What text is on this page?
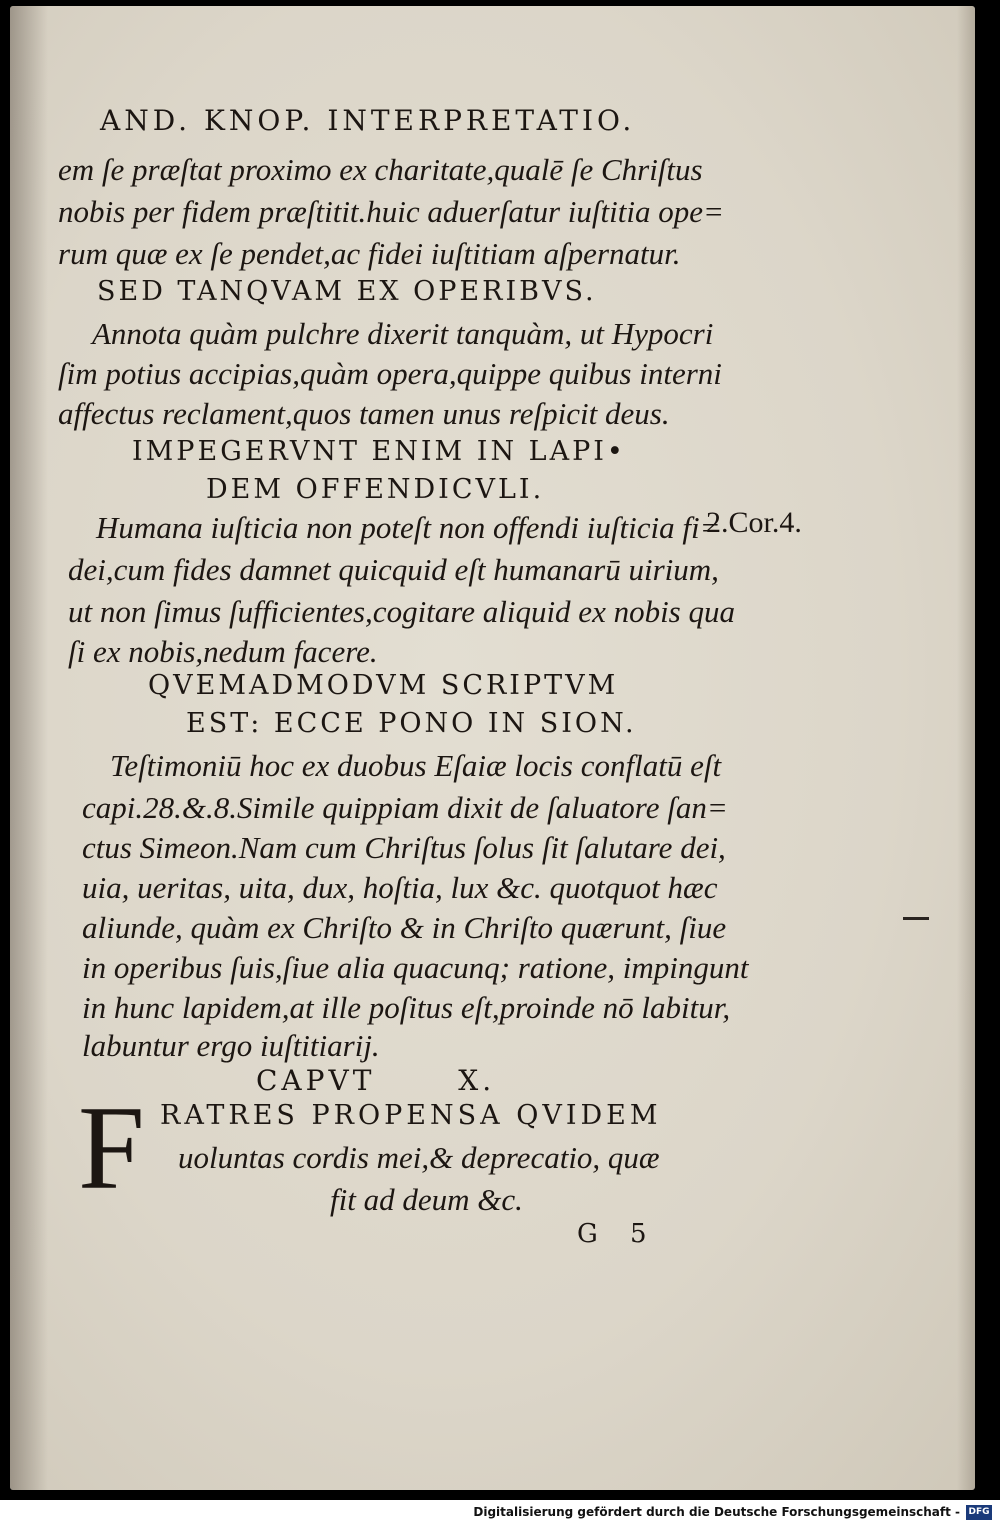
AND. KNOP. INTERPRETATIO.
em ſe præſtat proximo ex charitate,qualē ſe Chriſtus
nobis per fidem præſtitit.huic aduerſatur iuſtitia ope=
rum quæ ex ſe pendet,ac fidei iuſtitiam aſpernatur.
SED TANQVAM EX OPERIBVS.
Annota quàm pulchre dixerit tanquàm, ut Hypocri
ſim potius accipias,quàm opera,quippe quibus interni
affectus reclament,quos tamen unus reſpicit deus.
IMPEGERVNT ENIM IN LAPI•
DEM OFFENDICVLI.
Humana iuſticia non poteſt non offendi iuſticia fi=
dei,cum fides damnet quicquid eſt humanarū uirium,
ut non ſimus ſufficientes,cogitare aliquid ex nobis qua
ſi ex nobis,nedum facere.
2.Cor.4.
QVEMADMODVM SCRIPTVM
EST: ECCE PONO IN SION.
Teſtimoniū hoc ex duobus Eſaiæ locis conflatū eſt
capi.28.&.8.Simile quippiam dixit de ſaluatore ſan=
ctus Simeon.Nam cum Chriſtus ſolus ſit ſalutare dei,
uia, ueritas, uita, dux, hoſtia, lux &c. quotquot hæc
aliunde, quàm ex Chriſto & in Chriſto quærunt, ſiue
in operibus ſuis,ſiue alia quacunq; ratione, impingunt
in hunc lapidem,at ille poſitus eſt,proinde nō labitur,
labuntur ergo iuſtitiarij.
CAPVT X.
F RATRES PROPENSA QVIDEM
uoluntas cordis mei,& deprecatio, quæ
fit ad deum &c.
G 5
Digitalisierung gefördert durch die Deutsche Forschungsgemeinschaft - DFG
